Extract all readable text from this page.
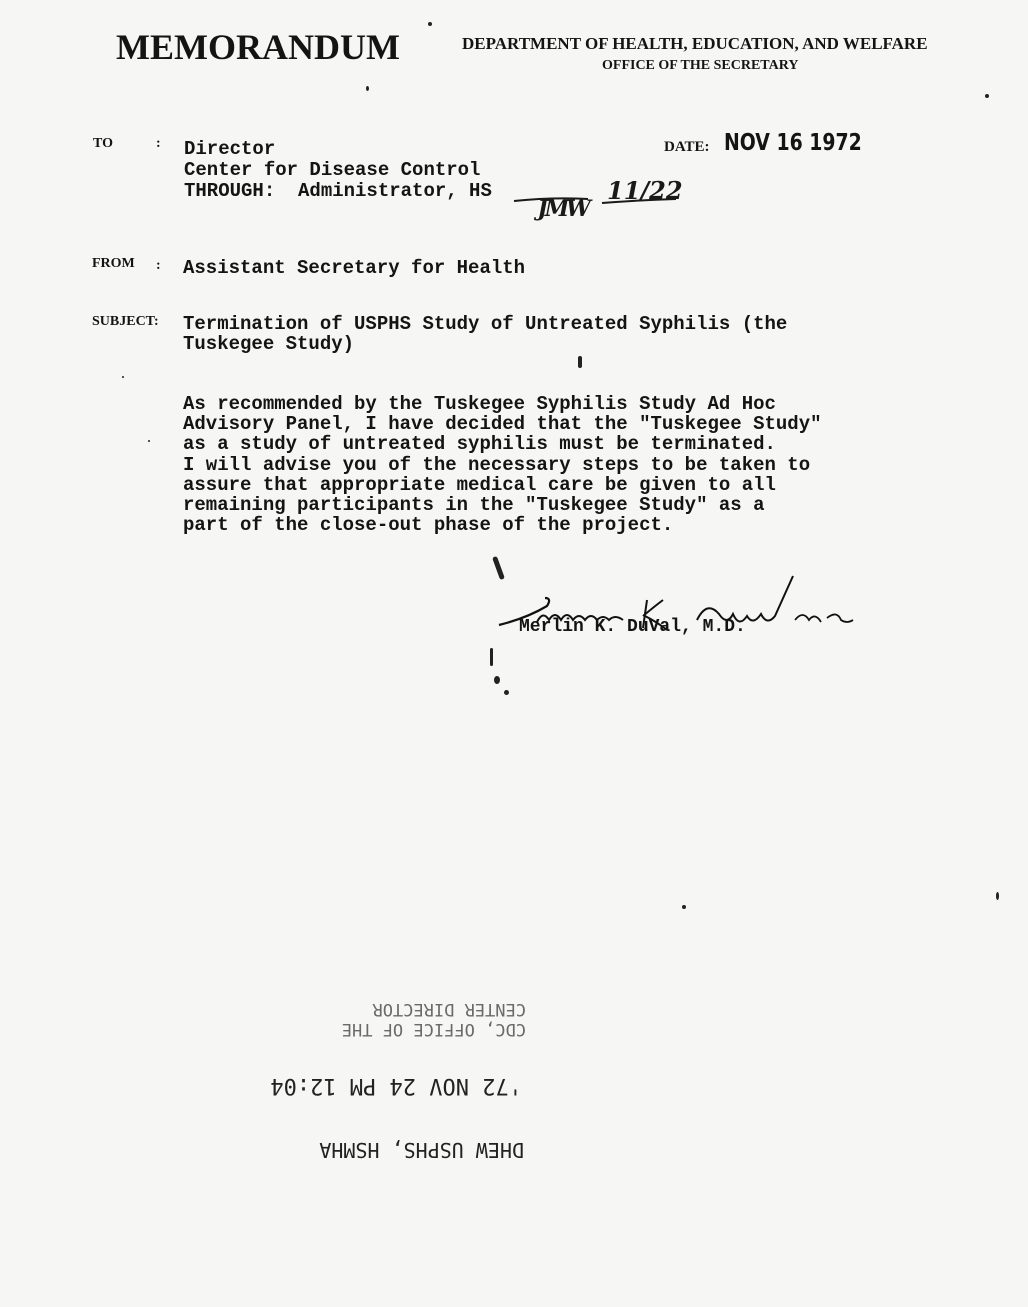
MEMORANDUM	DEPARTMENT OF HEALTH, EDUCATION, AND WELFARE
OFFICE OF THE SECRETARY
TO	: Director
Center for Disease Control
THROUGH:  Administrator, HS

JMW

11/22
DATE: NOV 16 1972
FROM : Assistant Secretary for Health
SUBJECT: Termination of USPHS Study of Untreated Syphilis (the
Tuskegee Study)
As recommended by the Tuskegee Syphilis Study Ad Hoc
Advisory Panel, I have decided that the "Tuskegee Study"
as a study of untreated syphilis must be terminated.
I will advise you of the necessary steps to be taken to
assure that appropriate medical care be given to all
remaining participants in the "Tuskegee Study" as a
part of the close-out phase of the project.

Merlin K. DuVal, M.D.

CDC, OFFICE OF THE

CENTER DIRECTOR

'72 NOV 24 PM 12:04

DHEW USPHS, HSMHA
